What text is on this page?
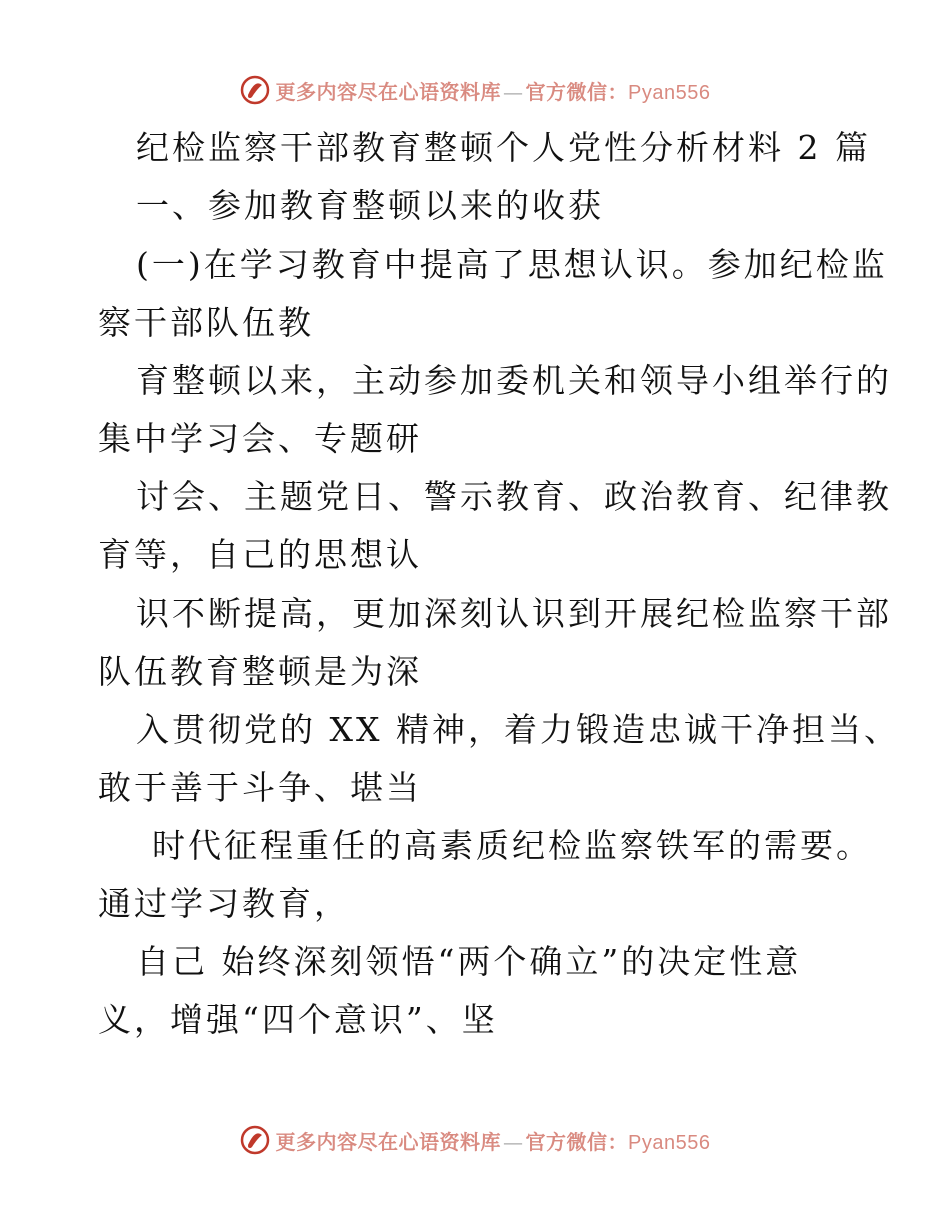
更多内容尽在心语资料库 — 官方微信：Pyan556
纪检监察干部教育整顿个人党性分析材料 2 篇
一、参加教育整顿以来的收获
(一)在学习教育中提高了思想认识。参加纪检监
察干部队伍教
育整顿以来，主动参加委机关和领导小组举行的
集中学习会、专题研
讨会、主题党日、警示教育、政治教育、纪律教
育等，自己的思想认
识不断提高，更加深刻认识到开展纪检监察干部
队伍教育整顿是为深
入贯彻党的 XX 精神，着力锻造忠诚干净担当、
敢于善于斗争、堪当
时代征程重任的高素质纪检监察铁军的需要。
通过学习教育，
自己 始终深刻领悟“两个确立”的决定性意
义，增强“四个意识”、坚
更多内容尽在心语资料库 — 官方微信：Pyan556
